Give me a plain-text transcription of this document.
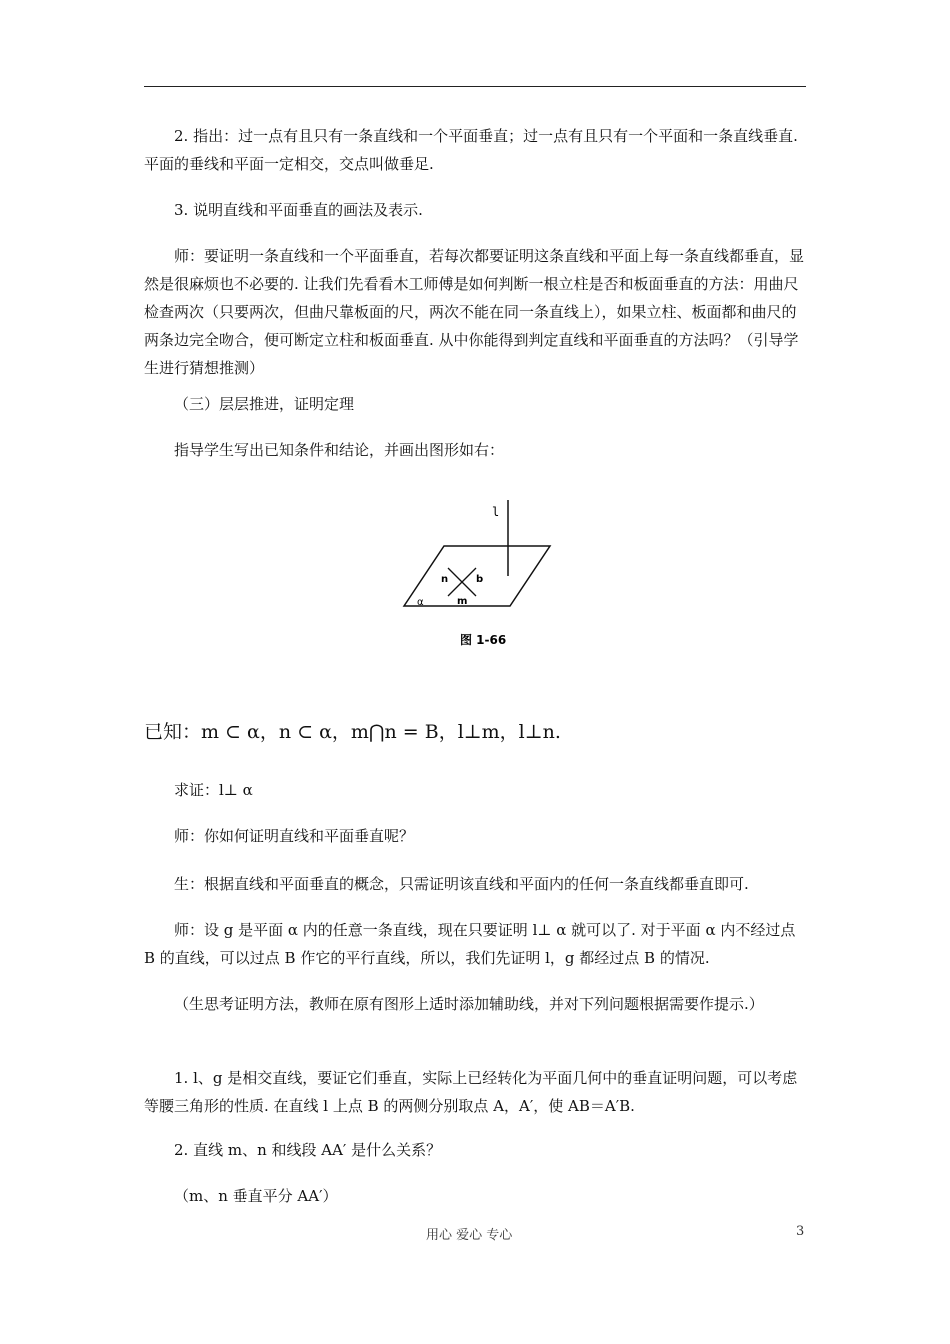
2. 指出：过一点有且只有一条直线和一个平面垂直；过一点有且只有一个平面和一条直线垂直. 平面的垂线和平面一定相交，交点叫做垂足.

3. 说明直线和平面垂直的画法及表示.

师：要证明一条直线和一个平面垂直，若每次都要证明这条直线和平面上每一条直线都垂直，显然是很麻烦也不必要的. 让我们先看看木工师傅是如何判断一根立柱是否和板面垂直的方法：用曲尺检查两次（只要两次，但曲尺靠板面的尺，两次不能在同一条直线上），如果立柱、板面都和曲尺的两条边完全吻合，便可断定立柱和板面垂直. 从中你能得到判定直线和平面垂直的方法吗？（引导学生进行猜想推测）

（三）层层推进，证明定理

指导学生写出已知条件和结论，并画出图形如右：

l
n	b
α	m
图 1-66

已知：m ⊂ α，n ⊂ α，m⋂n = B，l⊥m，l⊥n.

求证：l⊥ α

师：你如何证明直线和平面垂直呢？

生：根据直线和平面垂直的概念，只需证明该直线和平面内的任何一条直线都垂直即可.

师：设 g 是平面 α 内的任意一条直线，现在只要证明 l⊥ α 就可以了. 对于平面 α 内不经过点 B 的直线，可以过点 B 作它的平行直线，所以，我们先证明 l，g 都经过点 B 的情况.

（生思考证明方法，教师在原有图形上适时添加辅助线，并对下列问题根据需要作提示.）

1. l、g 是相交直线，要证它们垂直，实际上已经转化为平面几何中的垂直证明问题，可以考虑等腰三角形的性质. 在直线 l 上点 B 的两侧分别取点 A，A′，使 AB＝A′B.

2. 直线 m、n 和线段 AA′ 是什么关系？

（m、n 垂直平分 AA′）

用心 爱心 专心	3
